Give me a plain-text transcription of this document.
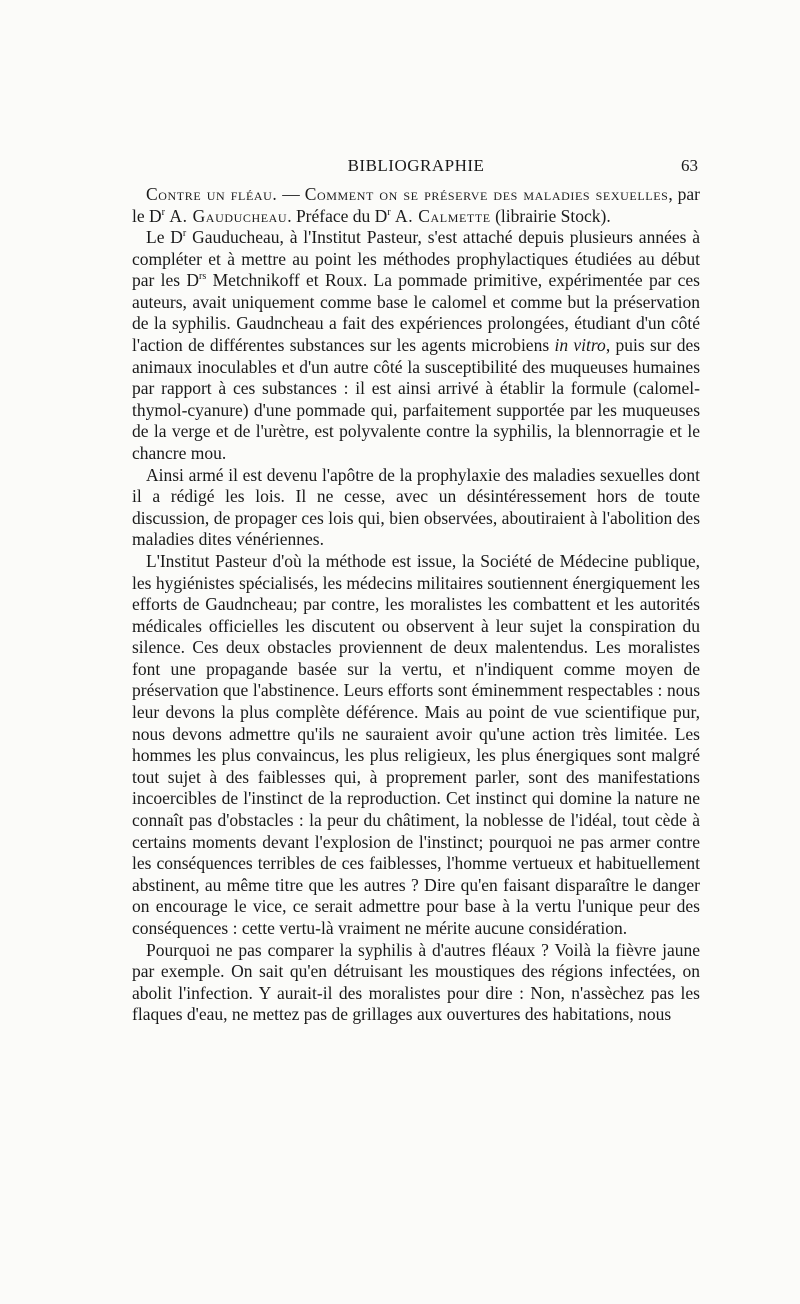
BIBLIOGRAPHIE	63

Contre un fléau. — Comment on se préserve des maladies sexuelles, par le $D^r$ A. Gauducheau. Préface du $D^r$ A. Calmette (librairie Stock).

Le $D^r$ Gauducheau, à l'Institut Pasteur, s'est attaché depuis plusieurs années à compléter et à mettre au point les méthodes prophylactiques étudiées au début par les $D^{rs}$ Metchnikoff et Roux. La pommade primitive, expérimentée par ces auteurs, avait uniquement comme base le calomel et comme but la préservation de la syphilis. Gaudncheau a fait des expériences prolongées, étudiant d'un côté l'action de différentes substances sur les agents microbiens in vitro, puis sur des animaux inoculables et d'un autre côté la susceptibilité des muqueuses humaines par rapport à ces substances : il est ainsi arrivé à établir la formule (calomel-thymol-cyanure) d'une pommade qui, parfaitement supportée par les muqueuses de la verge et de l'urètre, est polyvalente contre la syphilis, la blennorragie et le chancre mou.

Ainsi armé il est devenu l'apôtre de la prophylaxie des maladies sexuelles dont il a rédigé les lois. Il ne cesse, avec un désintéressement hors de toute discussion, de propager ces lois qui, bien observées, aboutiraient à l'abolition des maladies dites vénériennes.

L'Institut Pasteur d'où la méthode est issue, la Société de Médecine publique, les hygiénistes spécialisés, les médecins militaires soutiennent énergiquement les efforts de Gaudncheau; par contre, les moralistes les combattent et les autorités médicales officielles les discutent ou observent à leur sujet la conspiration du silence. Ces deux obstacles proviennent de deux malentendus. Les moralistes font une propagande basée sur la vertu, et n'indiquent comme moyen de préservation que l'abstinence. Leurs efforts sont éminemment respectables : nous leur devons la plus complète déférence. Mais au point de vue scientifique pur, nous devons admettre qu'ils ne sauraient avoir qu'une action très limitée. Les hommes les plus convaincus, les plus religieux, les plus énergiques sont malgré tout sujet à des faiblesses qui, à proprement parler, sont des manifestations incoercibles de l'instinct de la reproduction. Cet instinct qui domine la nature ne connaît pas d'obstacles : la peur du châtiment, la noblesse de l'idéal, tout cède à certains moments devant l'explosion de l'instinct; pourquoi ne pas armer contre les conséquences terribles de ces faiblesses, l'homme vertueux et habituellement abstinent, au même titre que les autres ? Dire qu'en faisant disparaître le danger on encourage le vice, ce serait admettre pour base à la vertu l'unique peur des conséquences : cette vertu-là vraiment ne mérite aucune considération.

Pourquoi ne pas comparer la syphilis à d'autres fléaux ? Voilà la fièvre jaune par exemple. On sait qu'en détruisant les moustiques des régions infectées, on abolit l'infection. Y aurait-il des moralistes pour dire : Non, n'assèchez pas les flaques d'eau, ne mettez pas de grillages aux ouvertures des habitations, nous
